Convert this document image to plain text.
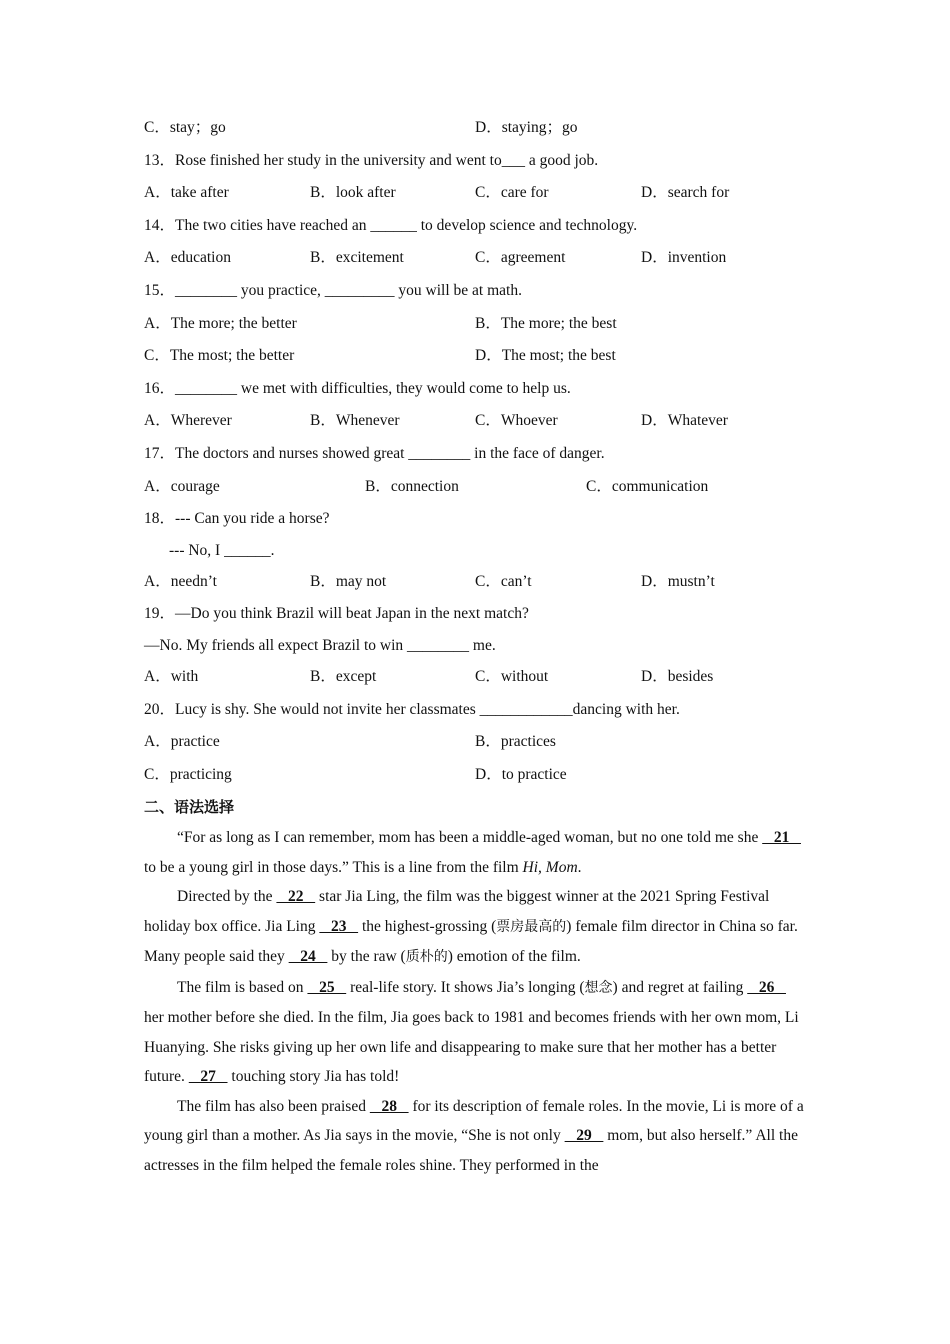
C．stay；go	D．staying；go
13．Rose finished her study in the university and went to___ a good job.
A．take after	B．look after	C．care for	D．search for
14．The two cities have reached an ______ to develop science and technology.
A．education	B．excitement	C．agreement	D．invention
15．________ you practice, _________ you will be at math.
A．The more; the better	B．The more; the best
C．The most; the better	D．The most; the best
16．________ we met with difficulties, they would come to help us.
A．Wherever	B．Whenever	C．Whoever	D．Whatever
17．The doctors and nurses showed great ________ in the face of danger.
A．courage	B．connection	C．communication
18．--- Can you ride a horse?
--- No, I ______.
A．needn’t	B．may not	C．can’t	D．mustn’t
19．—Do you think Brazil will beat Japan in the next match?
—No. My friends all expect Brazil to win ________ me.
A．with	B．except	C．without	D．besides
20．Lucy is shy. She would not invite her classmates ____________dancing with her.
A．practice	B．practices
C．practicing	D．to practice
二、语法选择

“For as long as I can remember, mom has been a middle-aged woman, but no one told me she    21    to be a young girl in those days.” This is a line from the film Hi, Mom.

Directed by the    22    star Jia Ling, the film was the biggest winner at the 2021 Spring Festival holiday box office. Jia Ling    23    the highest-grossing (票房最高的) female film director in China so far. Many people said they    24    by the raw (质朴的) emotion of the film.

The film is based on    25    real-life story. It shows Jia’s longing (想念) and regret at failing    26    her mother before she died. In the film, Jia goes back to 1981 and becomes friends with her own mom, Li Huanying. She risks giving up her own life and disappearing to make sure that her mother has a better future.    27    touching story Jia has told!

The film has also been praised    28    for its description of female roles. In the movie, Li is more of a young girl than a mother. As Jia says in the movie, “She is not only    29    mom, but also herself.” All the actresses in the film helped the female roles shine. They performed in the
